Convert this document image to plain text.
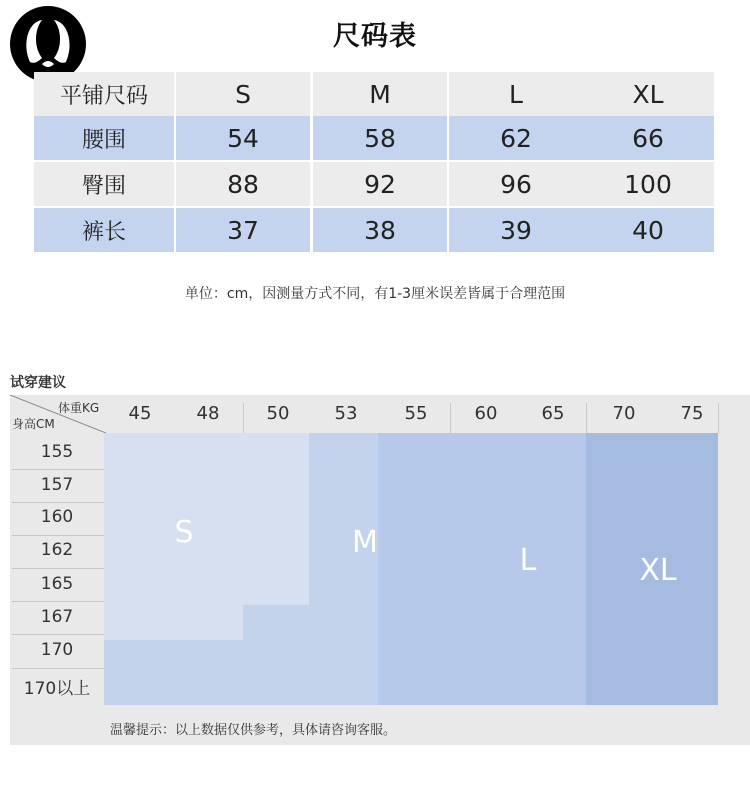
尺码表
平铺尺码	S	M	L	XL
腰围	54	58	62	66
臀围	88	92	96	100
裤长	37	38	39	40
单位：cm，因测量方式不同，有1-3厘米误差皆属于合理范围
试穿建议
体重KG
身高CM	45	48	50	53	55	60	65	70	75
155
157
160
162
165
167
170
170以上
S	M
L	XL
温馨提示：以上数据仅供参考，具体请咨询客服。
